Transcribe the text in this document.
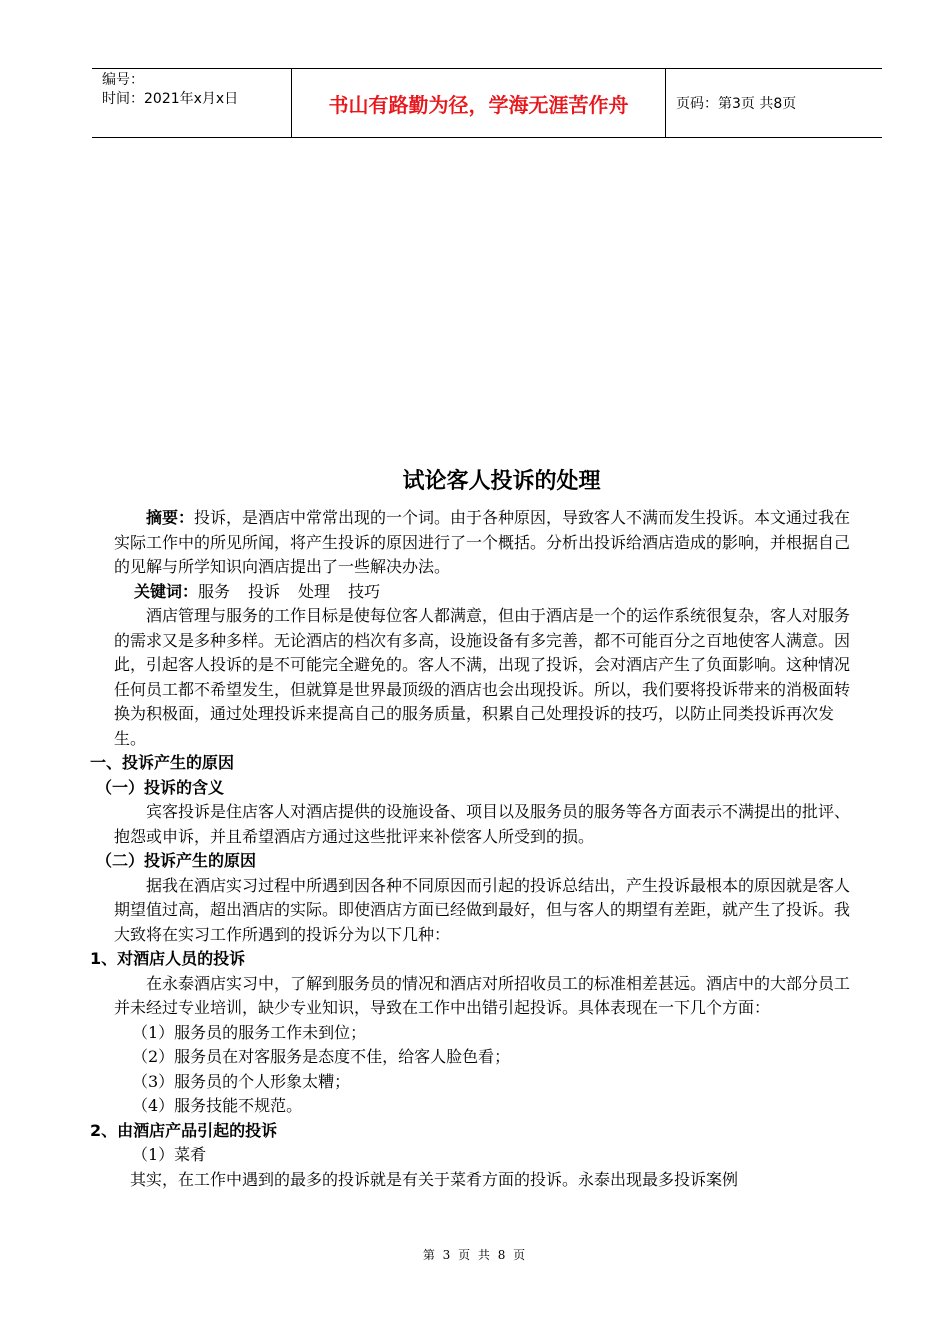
编号：
时间：2021年x月x日	书山有路勤为径，学海无涯苦作舟	页码：第3页 共8页
试论客人投诉的处理

摘要：投诉，是酒店中常常出现的一个词。由于各种原因，导致客人不满而发生投诉。本文通过我在实际工作中的所见所闻，将产生投诉的原因进行了一个概括。分析出投诉给酒店造成的影响，并根据自己的见解与所学知识向酒店提出了一些解决办法。

关键词：服务 投诉 处理 技巧

酒店管理与服务的工作目标是使每位客人都满意，但由于酒店是一个的运作系统很复杂，客人对服务的需求又是多种多样。无论酒店的档次有多高，设施设备有多完善，都不可能百分之百地使客人满意。因此，引起客人投诉的是不可能完全避免的。客人不满，出现了投诉，会对酒店产生了负面影响。这种情况任何员工都不希望发生，但就算是世界最顶级的酒店也会出现投诉。所以，我们要将投诉带来的消极面转换为积极面，通过处理投诉来提高自己的服务质量，积累自己处理投诉的技巧，以防止同类投诉再次发生。

一、投诉产生的原因
（一）投诉的含义

宾客投诉是住店客人对酒店提供的设施设备、项目以及服务员的服务等各方面表示不满提出的批评、抱怨或申诉，并且希望酒店方通过这些批评来补偿客人所受到的损。

（二）投诉产生的原因

据我在酒店实习过程中所遇到因各种不同原因而引起的投诉总结出，产生投诉最根本的原因就是客人期望值过高，超出酒店的实际。即使酒店方面已经做到最好，但与客人的期望有差距，就产生了投诉。我大致将在实习工作所遇到的投诉分为以下几种：

1、对酒店人员的投诉

在永泰酒店实习中，了解到服务员的情况和酒店对所招收员工的标准相差甚远。酒店中的大部分员工并未经过专业培训，缺少专业知识，导致在工作中出错引起投诉。具体表现在一下几个方面：

（1）服务员的服务工作未到位；
（2）服务员在对客服务是态度不佳，给客人脸色看；
（3）服务员的个人形象太糟；
（4）服务技能不规范。
2、由酒店产品引起的投诉
（1）菜肴

其实，在工作中遇到的最多的投诉就是有关于菜肴方面的投诉。永泰出现最多投诉案例

第 3 页 共 8 页
